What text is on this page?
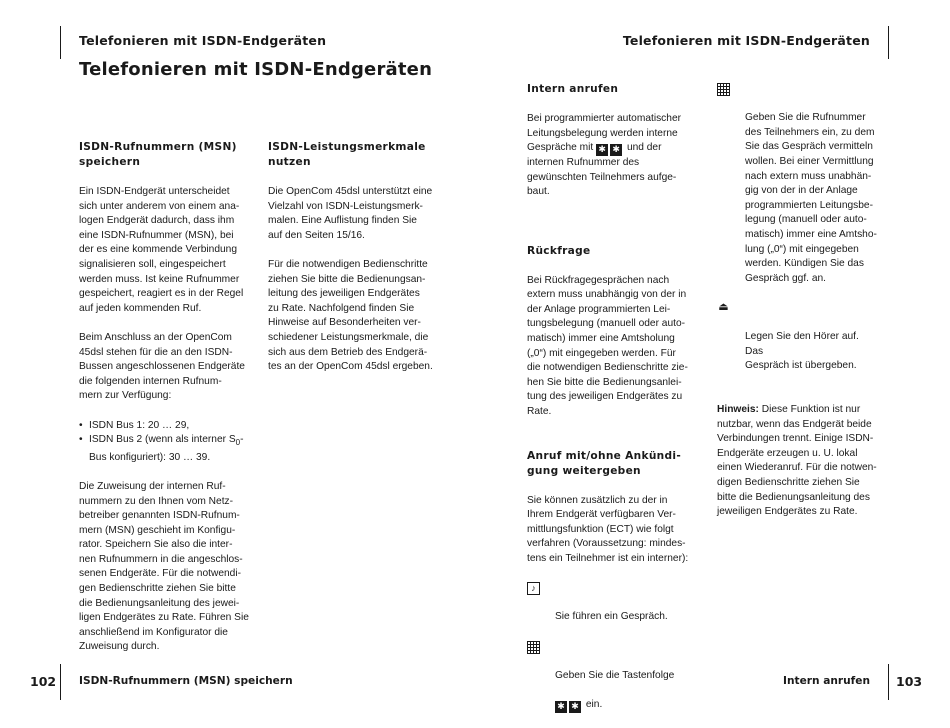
Telefonieren mit ISDN-Endgeräten	Telefonieren mit ISDN-Endgeräten
Telefonieren mit ISDN-Endgeräten
ISDN-Rufnummern (MSN)
speichern

Ein ISDN-Endgerät unterscheidet
sich unter anderem von einem ana-
logen Endgerät dadurch, dass ihm
eine ISDN-Rufnummer (MSN), bei
der es eine kommende Verbindung
signalisieren soll, eingespeichert
werden muss. Ist keine Rufnummer
gespeichert, reagiert es in der Regel
auf jeden kommenden Ruf.

Beim Anschluss an der OpenCom
45dsl stehen für die an den ISDN-
Bussen angeschlossenen Endgeräte
die folgenden internen Rufnum-
mern zur Verfügung:

• ISDN Bus 1: 20 … 29,
• ISDN Bus 2 (wenn als interner $S_0-$
Bus konfiguriert): 30 … 39.

Die Zuweisung der internen Ruf-
nummern zu den Ihnen vom Netz-
betreiber genannten ISDN-Rufnum-
mern (MSN) geschieht im Konfigu-
rator. Speichern Sie also die inter-
nen Rufnummern in die angeschlos-
senen Endgeräte. Für die notwendi-
gen Bedienschritte ziehen Sie bitte
die Bedienungsanleitung des jewei-
ligen Endgerätes zu Rate. Führen Sie
anschließend im Konfigurator die
Zuweisung durch.

ISDN-Leistungsmerkmale
nutzen

Die OpenCom 45dsl unterstützt eine
Vielzahl von ISDN-Leistungsmerk-
malen. Eine Auflistung finden Sie
auf den Seiten 15/16.

Für die notwendigen Bedienschritte
ziehen Sie bitte die Bedienungsan-
leitung des jeweiligen Endgerätes
zu Rate. Nachfolgend finden Sie
Hinweise auf Besonderheiten ver-
schiedener Leistungsmerkmale, die
sich aus dem Betrieb des Endgerä-
tes an der OpenCom 45dsl ergeben.

Intern anrufen

Bei programmierter automatischer
Leitungsbelegung werden interne
Gespräche mit ✱ ✱ und der
internen Rufnummer des
gewünschten Teilnehmers aufge-
baut.

Rückfrage

Bei Rückfragegesprächen nach
extern muss unabhängig von der in
der Anlage programmierten Lei-
tungsbelegung (manuell oder auto-
matisch) immer eine Amtsholung
(„0“) mit eingegeben werden. Für
die notwendigen Bedienschritte zie-
hen Sie bitte die Bedienungsanlei-
tung des jeweiligen Endgerätes zu
Rate.

Anruf mit/ohne Ankündi-
gung weitergeben

Sie können zusätzlich zu der in
Ihrem Endgerät verfügbaren Ver-
mittlungsfunktion (ECT) wie folgt
verfahren (Voraussetzung: mindes-
tens ein Teilnehmer ist ein interner):

♪

Sie führen ein Gespräch.

Geben Sie die Tastenfolge

✱ ✱ ein.

Geben Sie die Rufnummer
des Teilnehmers ein, zu dem
Sie das Gespräch vermitteln
wollen. Bei einer Vermittlung
nach extern muss unabhän-
gig von der in der Anlage
programmierten Leitungsbe-
legung (manuell oder auto-
matisch) immer eine Amtsho-
lung („0“) mit eingegeben
werden. Kündigen Sie das
Gespräch ggf. an.

⏏

Legen Sie den Hörer auf. Das
Gespräch ist übergeben.

Hinweis: Diese Funktion ist nur
nutzbar, wenn das Endgerät beide
Verbindungen trennt. Einige ISDN-
Endgeräte erzeugen u. U. lokal
einen Wiederanruf. Für die notwen-
digen Bedienschritte ziehen Sie
bitte die Bedienungsanleitung des
jeweiligen Endgerätes zu Rate.

102 ISDN-Rufnummern (MSN) speichern	Intern anrufen 103
